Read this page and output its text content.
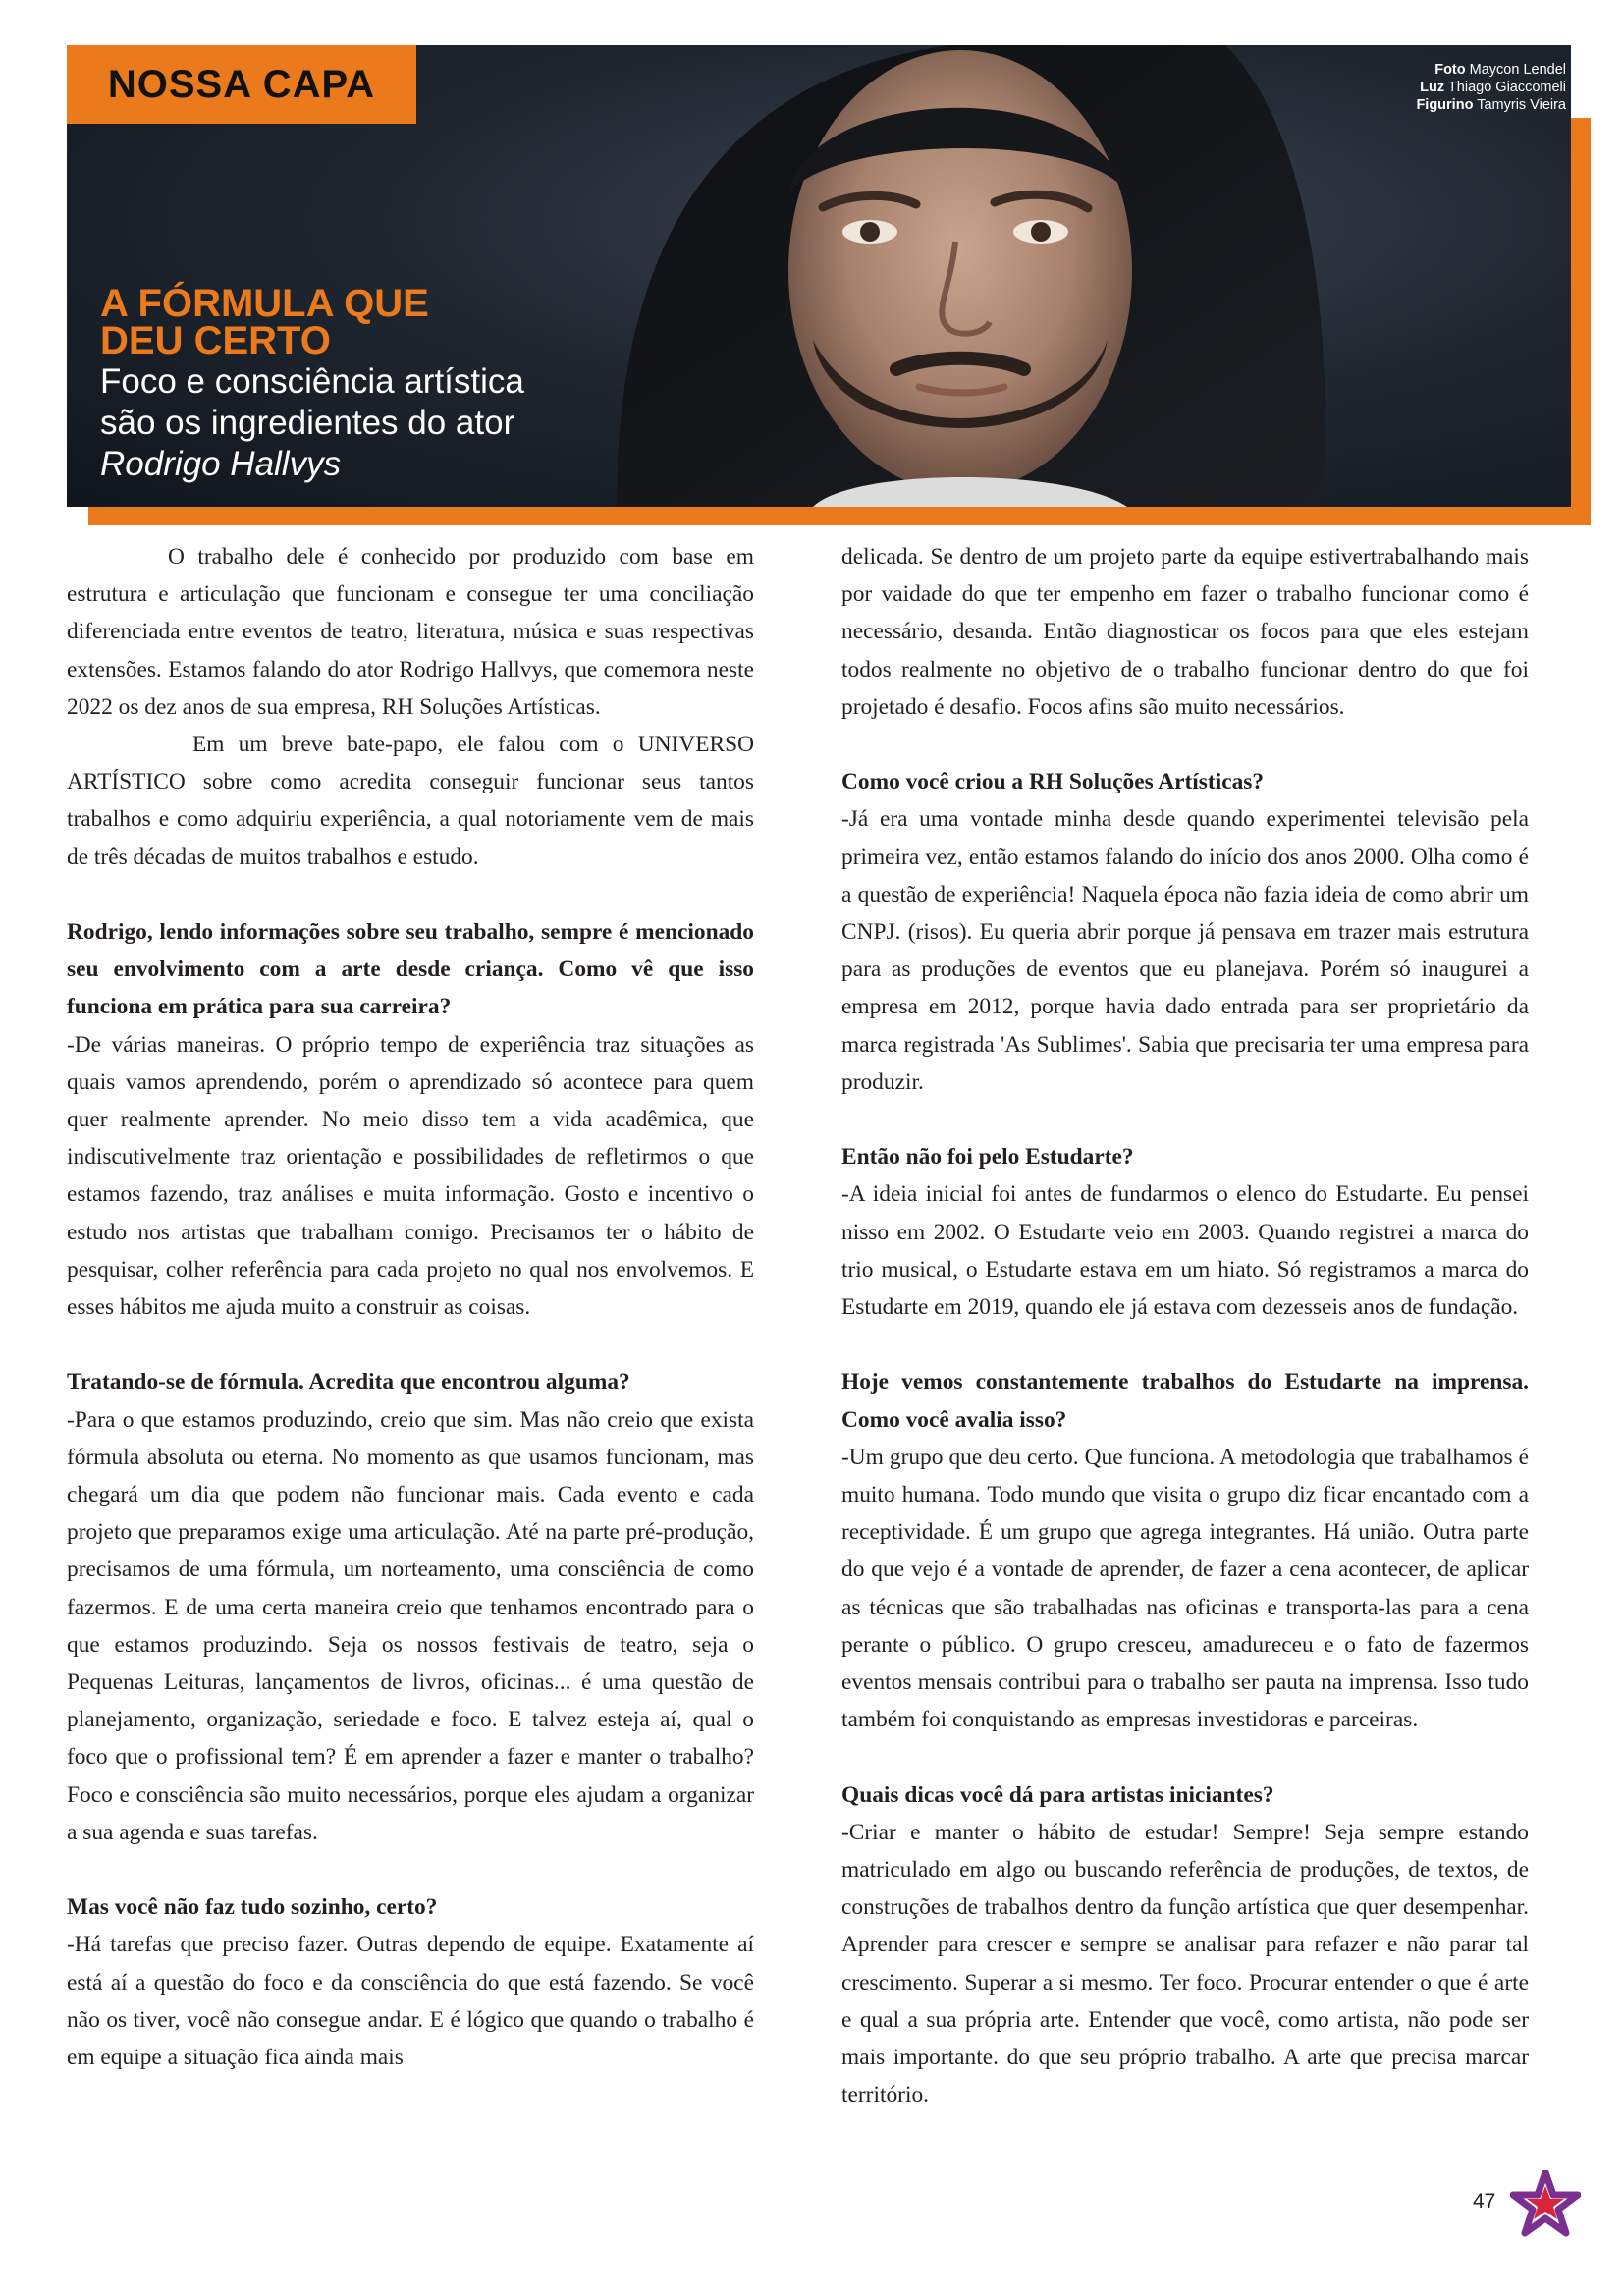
NOSSA CAPA	Foto Maycon Lendel
Luz Thiago Giaccomeli
Figurino Tamyris Vieira
A FÓRMULA QUE
DEU CERTO
Foco e consciência artística
são os ingredientes do ator
Rodrigo Hallvys

O trabalho dele é conhecido por produzido com base em estrutura e articulação que funcionam e consegue ter uma conciliação diferenciada entre eventos de teatro, literatura, música e suas respectivas extensões. Estamos falando do ator Rodrigo Hallvys, que comemora neste 2022 os dez anos de sua empresa, RH Soluções Artísticas.

Em um breve bate-papo, ele falou com o UNIVERSO ARTÍSTICO sobre como acredita conseguir funcionar seus tantos trabalhos e como adquiriu experiência, a qual notoriamente vem de mais de três décadas de muitos trabalhos e estudo.

Rodrigo, lendo informações sobre seu trabalho, sempre é mencionado seu envolvimento com a arte desde criança. Como vê que isso funciona em prática para sua carreira?

-De várias maneiras. O próprio tempo de experiência traz situações as quais vamos aprendendo, porém o aprendizado só acontece para quem quer realmente aprender. No meio disso tem a vida acadêmica, que indiscutivelmente traz orientação e possibilidades de refletirmos o que estamos fazendo, traz análises e muita informação. Gosto e incentivo o estudo nos artistas que trabalham comigo. Precisamos ter o hábito de pesquisar, colher referência para cada projeto no qual nos envolvemos. E esses hábitos me ajuda muito a construir as coisas.

Tratando-se de fórmula. Acredita que encontrou alguma?

-Para o que estamos produzindo, creio que sim. Mas não creio que exista fórmula absoluta ou eterna. No momento as que usamos funcionam, mas chegará um dia que podem não funcionar mais. Cada evento e cada projeto que preparamos exige uma articulação. Até na parte pré-produção, precisamos de uma fórmula, um norteamento, uma consciência de como fazermos. E de uma certa maneira creio que tenhamos encontrado para o que estamos produzindo. Seja os nossos festivais de teatro, seja o Pequenas Leituras, lançamentos de livros, oficinas... é uma questão de planejamento, organização, seriedade e foco. E talvez esteja aí, qual o foco que o profissional tem? É em aprender a fazer e manter o trabalho? Foco e consciência são muito necessários, porque eles ajudam a organizar a sua agenda e suas tarefas.

Mas você não faz tudo sozinho, certo?

-Há tarefas que preciso fazer. Outras dependo de equipe. Exatamente aí está aí a questão do foco e da consciência do que está fazendo. Se você não os tiver, você não consegue andar. E é lógico que quando o trabalho é em equipe a situação fica ainda mais

delicada. Se dentro de um projeto parte da equipe estivertrabalhando mais por vaidade do que ter empenho em fazer o trabalho funcionar como é necessário, desanda. Então diagnosticar os focos para que eles estejam todos realmente no objetivo de o trabalho funcionar dentro do que foi projetado é desafio. Focos afins são muito necessários.

Como você criou a RH Soluções Artísticas?

-Já era uma vontade minha desde quando experimentei televisão pela primeira vez, então estamos falando do início dos anos 2000. Olha como é a questão de experiência! Naquela época não fazia ideia de como abrir um CNPJ. (risos). Eu queria abrir porque já pensava em trazer mais estrutura para as produções de eventos que eu planejava. Porém só inaugurei a empresa em 2012, porque havia dado entrada para ser proprietário da marca registrada 'As Sublimes'. Sabia que precisaria ter uma empresa para produzir.

Então não foi pelo Estudarte?

-A ideia inicial foi antes de fundarmos o elenco do Estudarte. Eu pensei nisso em 2002. O Estudarte veio em 2003. Quando registrei a marca do trio musical, o Estudarte estava em um hiato. Só registramos a marca do Estudarte em 2019, quando ele já estava com dezesseis anos de fundação.

Hoje vemos constantemente trabalhos do Estudarte na imprensa. Como você avalia isso?

-Um grupo que deu certo. Que funciona. A metodologia que trabalhamos é muito humana. Todo mundo que visita o grupo diz ficar encantado com a receptividade. É um grupo que agrega integrantes. Há união. Outra parte do que vejo é a vontade de aprender, de fazer a cena acontecer, de aplicar as técnicas que são trabalhadas nas oficinas e transporta-las para a cena perante o público. O grupo cresceu, amadureceu e o fato de fazermos eventos mensais contribui para o trabalho ser pauta na imprensa. Isso tudo também foi conquistando as empresas investidoras e parceiras.

Quais dicas você dá para artistas iniciantes?

-Criar e manter o hábito de estudar! Sempre! Seja sempre estando matriculado em algo ou buscando referência de produções, de textos, de construções de trabalhos dentro da função artística que quer desempenhar. Aprender para crescer e sempre se analisar para refazer e não parar tal crescimento. Superar a si mesmo. Ter foco. Procurar entender o que é arte e qual a sua própria arte. Entender que você, como artista, não pode ser mais importante. do que seu próprio trabalho. A arte que precisa marcar território.

47
